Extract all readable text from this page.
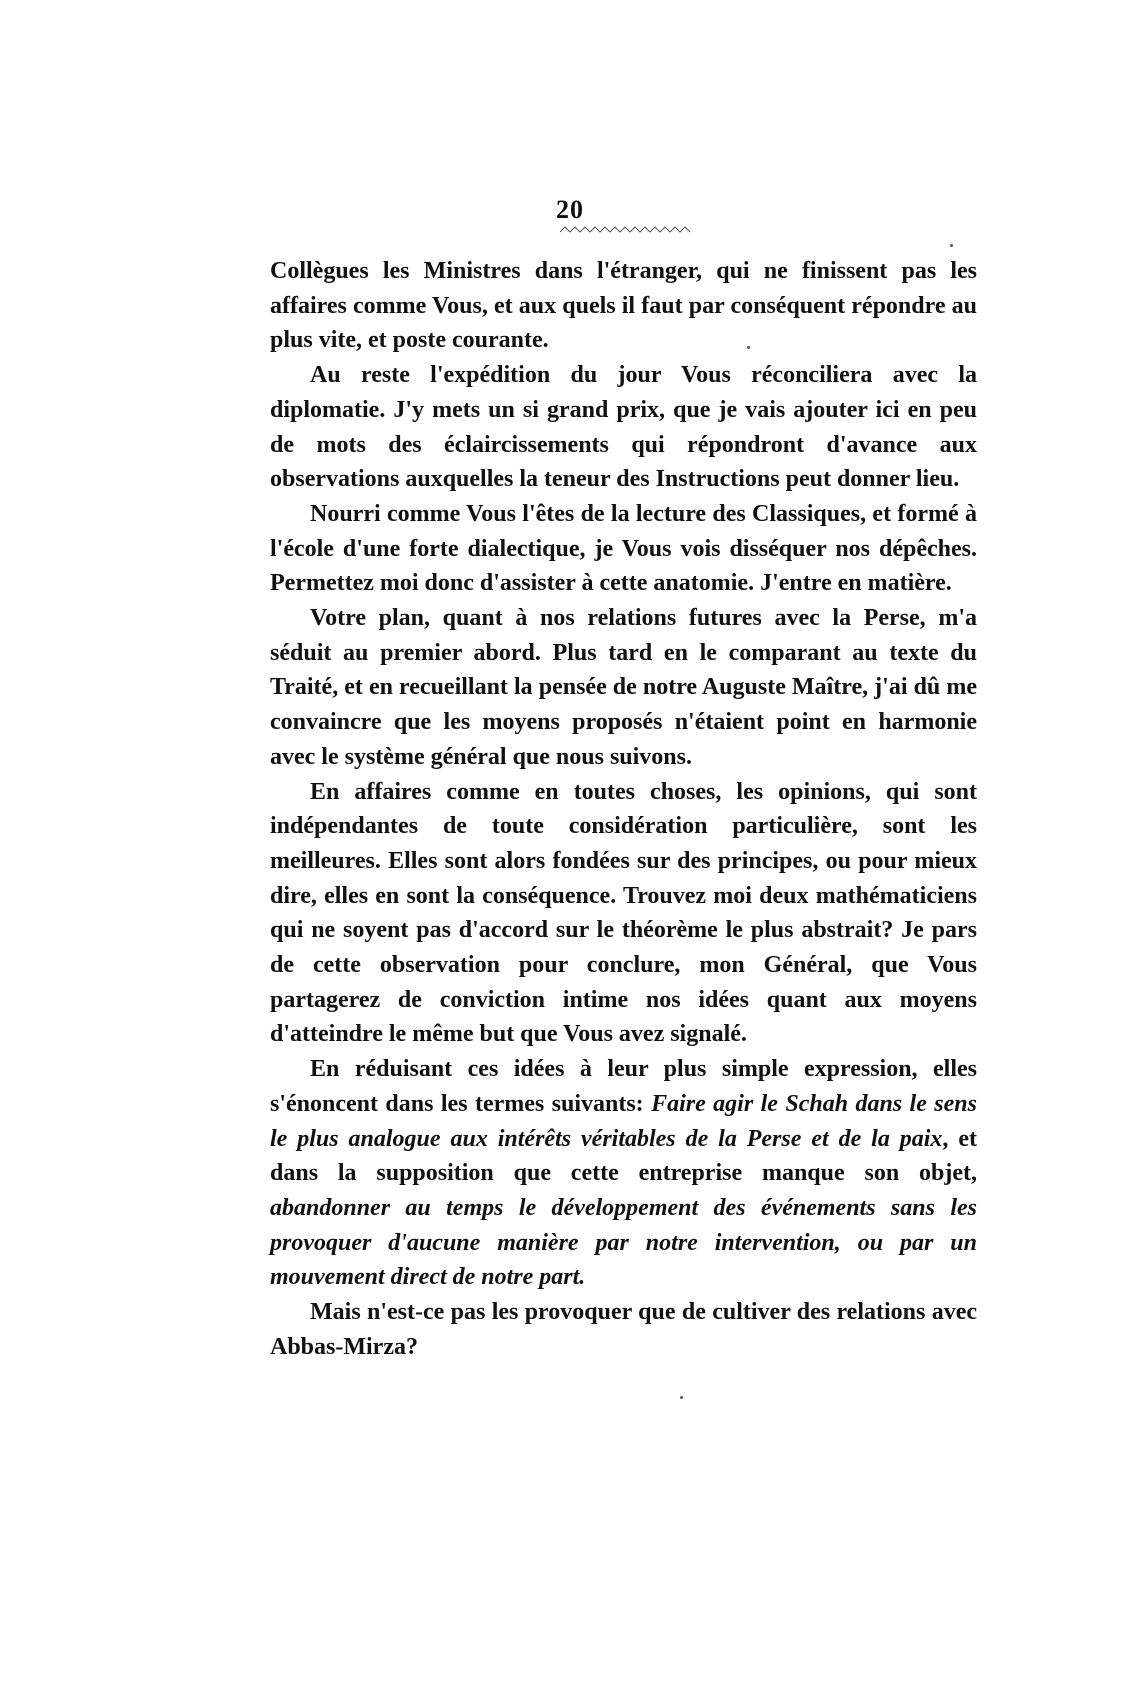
20

Collègues les Ministres dans l'étranger, qui ne finissent pas les affaires comme Vous, et aux quels il faut par conséquent répondre au plus vite, et poste courante.

Au reste l'expédition du jour Vous réconciliera avec la diplomatie. J'y mets un si grand prix, que je vais ajouter ici en peu de mots des éclaircissements qui répondront d'avance aux observations auxquelles la teneur des Instructions peut donner lieu.

Nourri comme Vous l'êtes de la lecture des Classiques, et formé à l'école d'une forte dialectique, je Vous vois disséquer nos dépêches. Permettez moi donc d'assister à cette anatomie. J'entre en matière.

Votre plan, quant à nos relations futures avec la Perse, m'a séduit au premier abord. Plus tard en le comparant au texte du Traité, et en recueillant la pensée de notre Auguste Maître, j'ai dû me convaincre que les moyens proposés n'étaient point en harmonie avec le système général que nous suivons.

En affaires comme en toutes choses, les opinions, qui sont indépendantes de toute considération particulière, sont les meilleures. Elles sont alors fondées sur des principes, ou pour mieux dire, elles en sont la conséquence. Trouvez moi deux mathématiciens qui ne soyent pas d'accord sur le théorème le plus abstrait? Je pars de cette observation pour conclure, mon Général, que Vous partagerez de conviction intime nos idées quant aux moyens d'atteindre le même but que Vous avez signalé.

En réduisant ces idées à leur plus simple expression, elles s'énoncent dans les termes suivants: Faire agir le Schah dans le sens le plus analogue aux intérêts véritables de la Perse et de la paix, et dans la supposition que cette entreprise manque son objet, abandonner au temps le développement des événements sans les provoquer d'aucune manière par notre intervention, ou par un mouvement direct de notre part.

Mais n'est-ce pas les provoquer que de cultiver des relations avec Abbas-Mirza?
